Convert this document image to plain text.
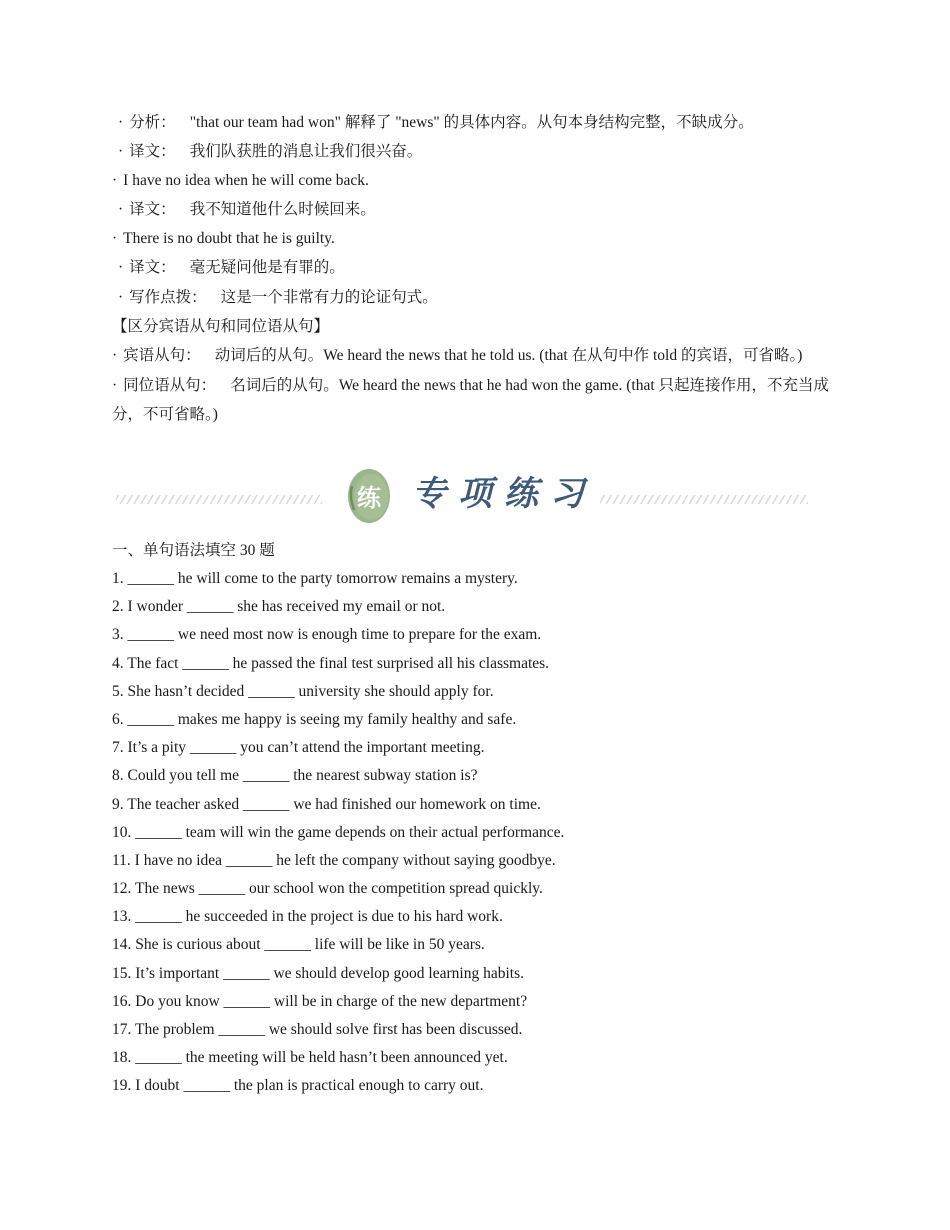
· 分析： "that our team had won" 解释了 "news" 的具体内容。从句本身结构完整，不缺成分。
· 译文： 我们队获胜的消息让我们很兴奋。
· I have no idea when he will come back.
· 译文： 我不知道他什么时候回来。
· There is no doubt that he is guilty.
· 译文： 毫无疑问他是有罪的。
· 写作点拨： 这是一个非常有力的论证句式。
【区分宾语从句和同位语从句】
· 宾语从句： 动词后的从句。We heard the news that he told us. (that 在从句中作 told 的宾语，可省略。)
· 同位语从句： 名词后的从句。We heard the news that he had won the game. (that 只起连接作用，不充当成分，不可省略。)
练 专项练习
一、单句语法填空 30 题
1. ______ he will come to the party tomorrow remains a mystery.
2. I wonder ______ she has received my email or not.
3. ______ we need most now is enough time to prepare for the exam.
4. The fact ______ he passed the final test surprised all his classmates.
5. She hasn’t decided ______ university she should apply for.
6. ______ makes me happy is seeing my family healthy and safe.
7. It’s a pity ______ you can’t attend the important meeting.
8. Could you tell me ______ the nearest subway station is?
9. The teacher asked ______ we had finished our homework on time.
10. ______ team will win the game depends on their actual performance.
11. I have no idea ______ he left the company without saying goodbye.
12. The news ______ our school won the competition spread quickly.
13. ______ he succeeded in the project is due to his hard work.
14. She is curious about ______ life will be like in 50 years.
15. It’s important ______ we should develop good learning habits.
16. Do you know ______ will be in charge of the new department?
17. The problem ______ we should solve first has been discussed.
18. ______ the meeting will be held hasn’t been announced yet.
19. I doubt ______ the plan is practical enough to carry out.
